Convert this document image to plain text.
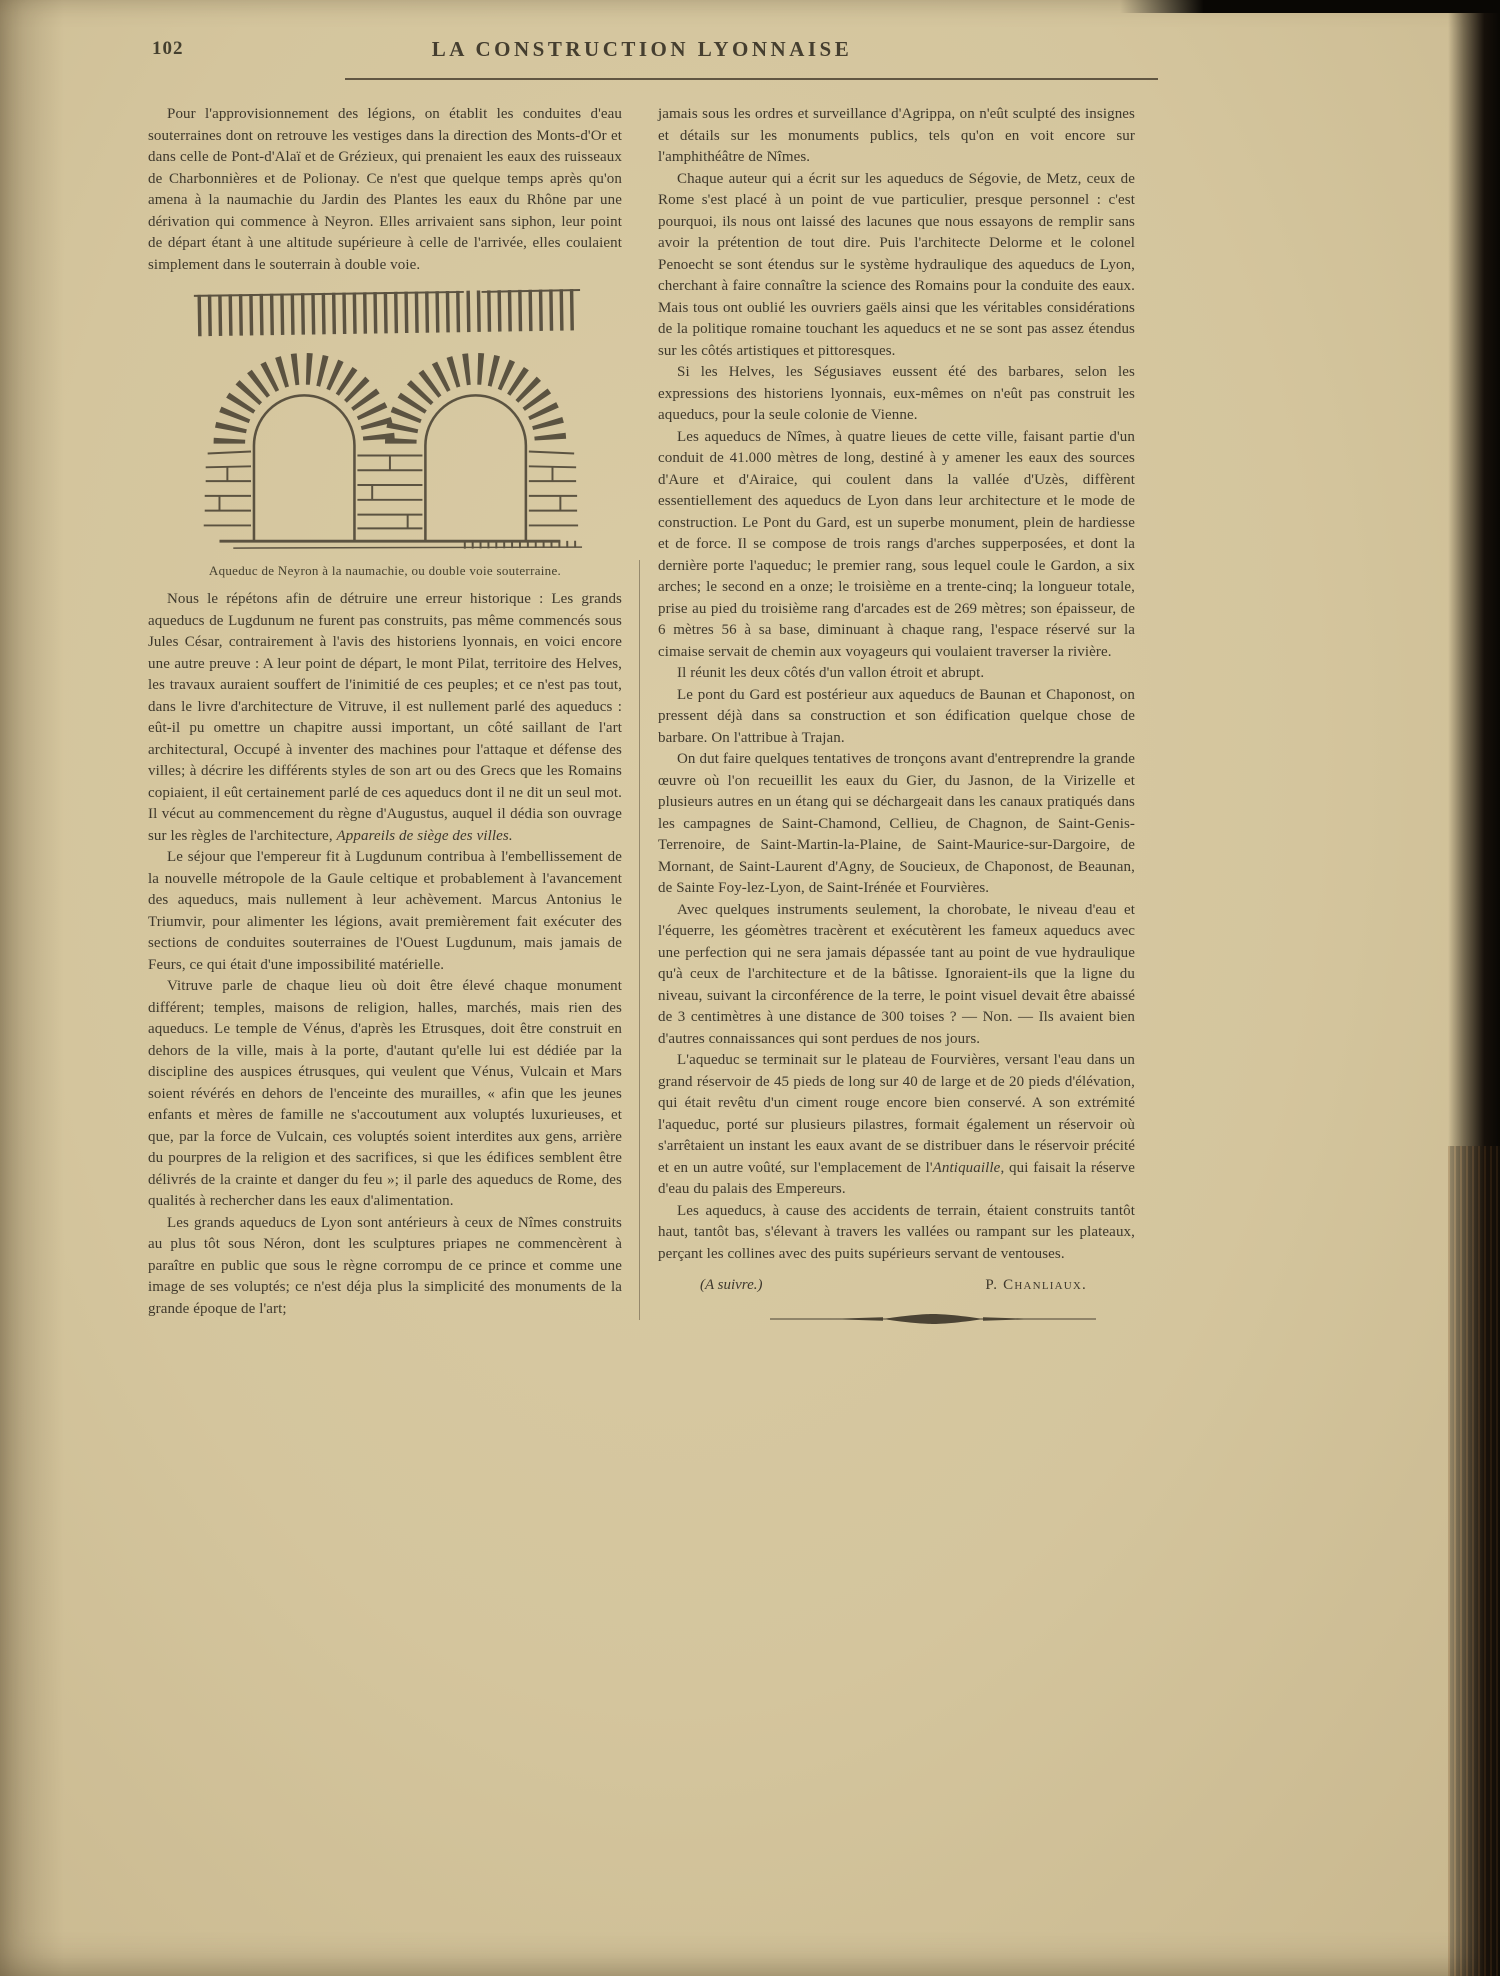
102	LA CONSTRUCTION LYONNAISE

Pour l'approvisionnement des légions, on établit les conduites d'eau souterraines dont on retrouve les vestiges dans la direction des Monts-d'Or et dans celle de Pont-d'Alaï et de Grézieux, qui prenaient les eaux des ruisseaux de Charbonnières et de Polionay. Ce n'est que quelque temps après qu'on amena à la naumachie du Jardin des Plantes les eaux du Rhône par une dérivation qui commence à Neyron. Elles arrivaient sans siphon, leur point de départ étant à une altitude supérieure à celle de l'arrivée, elles coulaient simplement dans le souterrain à double voie.

Aqueduc de Neyron à la naumachie, ou double voie souterraine.

Nous le répétons afin de détruire une erreur historique : Les grands aqueducs de Lugdunum ne furent pas construits, pas même commencés sous Jules César, contrairement à l'avis des historiens lyonnais, en voici encore une autre preuve : A leur point de départ, le mont Pilat, territoire des Helves, les travaux auraient souffert de l'inimitié de ces peuples; et ce n'est pas tout, dans le livre d'architecture de Vitruve, il est nullement parlé des aqueducs : eût-il pu omettre un chapitre aussi important, un côté saillant de l'art architectural, Occupé à inventer des machines pour l'attaque et défense des villes; à décrire les différents styles de son art ou des Grecs que les Romains copiaient, il eût certainement parlé de ces aqueducs dont il ne dit un seul mot. Il vécut au commencement du règne d'Augustus, auquel il dédia son ouvrage sur les règles de l'architecture, Appareils de siège des villes.

Le séjour que l'empereur fit à Lugdunum contribua à l'embellissement de la nouvelle métropole de la Gaule celtique et probablement à l'avancement des aqueducs, mais nullement à leur achèvement. Marcus Antonius le Triumvir, pour alimenter les légions, avait premièrement fait exécuter des sections de conduites souterraines de l'Ouest Lugdunum, mais jamais de Feurs, ce qui était d'une impossibilité matérielle.

Vitruve parle de chaque lieu où doit être élevé chaque monument différent; temples, maisons de religion, halles, marchés, mais rien des aqueducs. Le temple de Vénus, d'après les Etrusques, doit être construit en dehors de la ville, mais à la porte, d'autant qu'elle lui est dédiée par la discipline des auspices étrusques, qui veulent que Vénus, Vulcain et Mars soient révérés en dehors de l'enceinte des murailles, « afin que les jeunes enfants et mères de famille ne s'accoutument aux voluptés luxurieuses, et que, par la force de Vulcain, ces voluptés soient interdites aux gens, arrière du pourpres de la religion et des sacrifices, si que les édifices semblent être délivrés de la crainte et danger du feu »; il parle des aqueducs de Rome, des qualités à rechercher dans les eaux d'alimentation.

Les grands aqueducs de Lyon sont antérieurs à ceux de Nîmes construits au plus tôt sous Néron, dont les sculptures priapes ne commencèrent à paraître en public que sous le règne corrompu de ce prince et comme une image de ses voluptés; ce n'est déja plus la simplicité des monuments de la grande époque de l'art;

jamais sous les ordres et surveillance d'Agrippa, on n'eût sculpté des insignes et détails sur les monuments publics, tels qu'on en voit encore sur l'amphithéâtre de Nîmes.

Chaque auteur qui a écrit sur les aqueducs de Ségovie, de Metz, ceux de Rome s'est placé à un point de vue particulier, presque personnel : c'est pourquoi, ils nous ont laissé des lacunes que nous essayons de remplir sans avoir la prétention de tout dire. Puis l'architecte Delorme et le colonel Penoecht se sont étendus sur le système hydraulique des aqueducs de Lyon, cherchant à faire connaître la science des Romains pour la conduite des eaux. Mais tous ont oublié les ouvriers gaëls ainsi que les véritables considérations de la politique romaine touchant les aqueducs et ne se sont pas assez étendus sur les côtés artistiques et pittoresques.

Si les Helves, les Ségusiaves eussent été des barbares, selon les expressions des historiens lyonnais, eux-mêmes on n'eût pas construit les aqueducs, pour la seule colonie de Vienne.

Les aqueducs de Nîmes, à quatre lieues de cette ville, faisant partie d'un conduit de 41.000 mètres de long, destiné à y amener les eaux des sources d'Aure et d'Airaice, qui coulent dans la vallée d'Uzès, diffèrent essentiellement des aqueducs de Lyon dans leur architecture et le mode de construction. Le Pont du Gard, est un superbe monument, plein de hardiesse et de force. Il se compose de trois rangs d'arches supperposées, et dont la dernière porte l'aqueduc; le premier rang, sous lequel coule le Gardon, a six arches; le second en a onze; le troisième en a trente-cinq; la longueur totale, prise au pied du troisième rang d'arcades est de 269 mètres; son épaisseur, de 6 mètres 56 à sa base, diminuant à chaque rang, l'espace réservé sur la cimaise servait de chemin aux voyageurs qui voulaient traverser la rivière.

Il réunit les deux côtés d'un vallon étroit et abrupt.

Le pont du Gard est postérieur aux aqueducs de Baunan et Chaponost, on pressent déjà dans sa construction et son édification quelque chose de barbare. On l'attribue à Trajan.

On dut faire quelques tentatives de tronçons avant d'entreprendre la grande œuvre où l'on recueillit les eaux du Gier, du Jasnon, de la Virizelle et plusieurs autres en un étang qui se déchargeait dans les canaux pratiqués dans les campagnes de Saint-Chamond, Cellieu, de Chagnon, de Saint-Genis-Terrenoire, de Saint-Martin-la-Plaine, de Saint-Maurice-sur-Dargoire, de Mornant, de Saint-Laurent d'Agny, de Soucieux, de Chaponost, de Beaunan, de Sainte Foy-lez-Lyon, de Saint-Irénée et Fourvières.

Avec quelques instruments seulement, la chorobate, le niveau d'eau et l'équerre, les géomètres tracèrent et exécutèrent les fameux aqueducs avec une perfection qui ne sera jamais dépassée tant au point de vue hydraulique qu'à ceux de l'architecture et de la bâtisse. Ignoraient-ils que la ligne du niveau, suivant la circonférence de la terre, le point visuel devait être abaissé de 3 centimètres à une distance de 300 toises ? — Non. — Ils avaient bien d'autres connaissances qui sont perdues de nos jours.

L'aqueduc se terminait sur le plateau de Fourvières, versant l'eau dans un grand réservoir de 45 pieds de long sur 40 de large et de 20 pieds d'élévation, qui était revêtu d'un ciment rouge encore bien conservé. A son extrémité l'aqueduc, porté sur plusieurs pilastres, formait également un réservoir où s'arrêtaient un instant les eaux avant de se distribuer dans le réservoir précité et en un autre voûté, sur l'emplacement de l'Antiquaille, qui faisait la réserve d'eau du palais des Empereurs.

Les aqueducs, à cause des accidents de terrain, étaient construits tantôt haut, tantôt bas, s'élevant à travers les vallées ou rampant sur les plateaux, perçant les collines avec des puits supérieurs servant de ventouses.

(A suivre.)	P. Chanliaux.
